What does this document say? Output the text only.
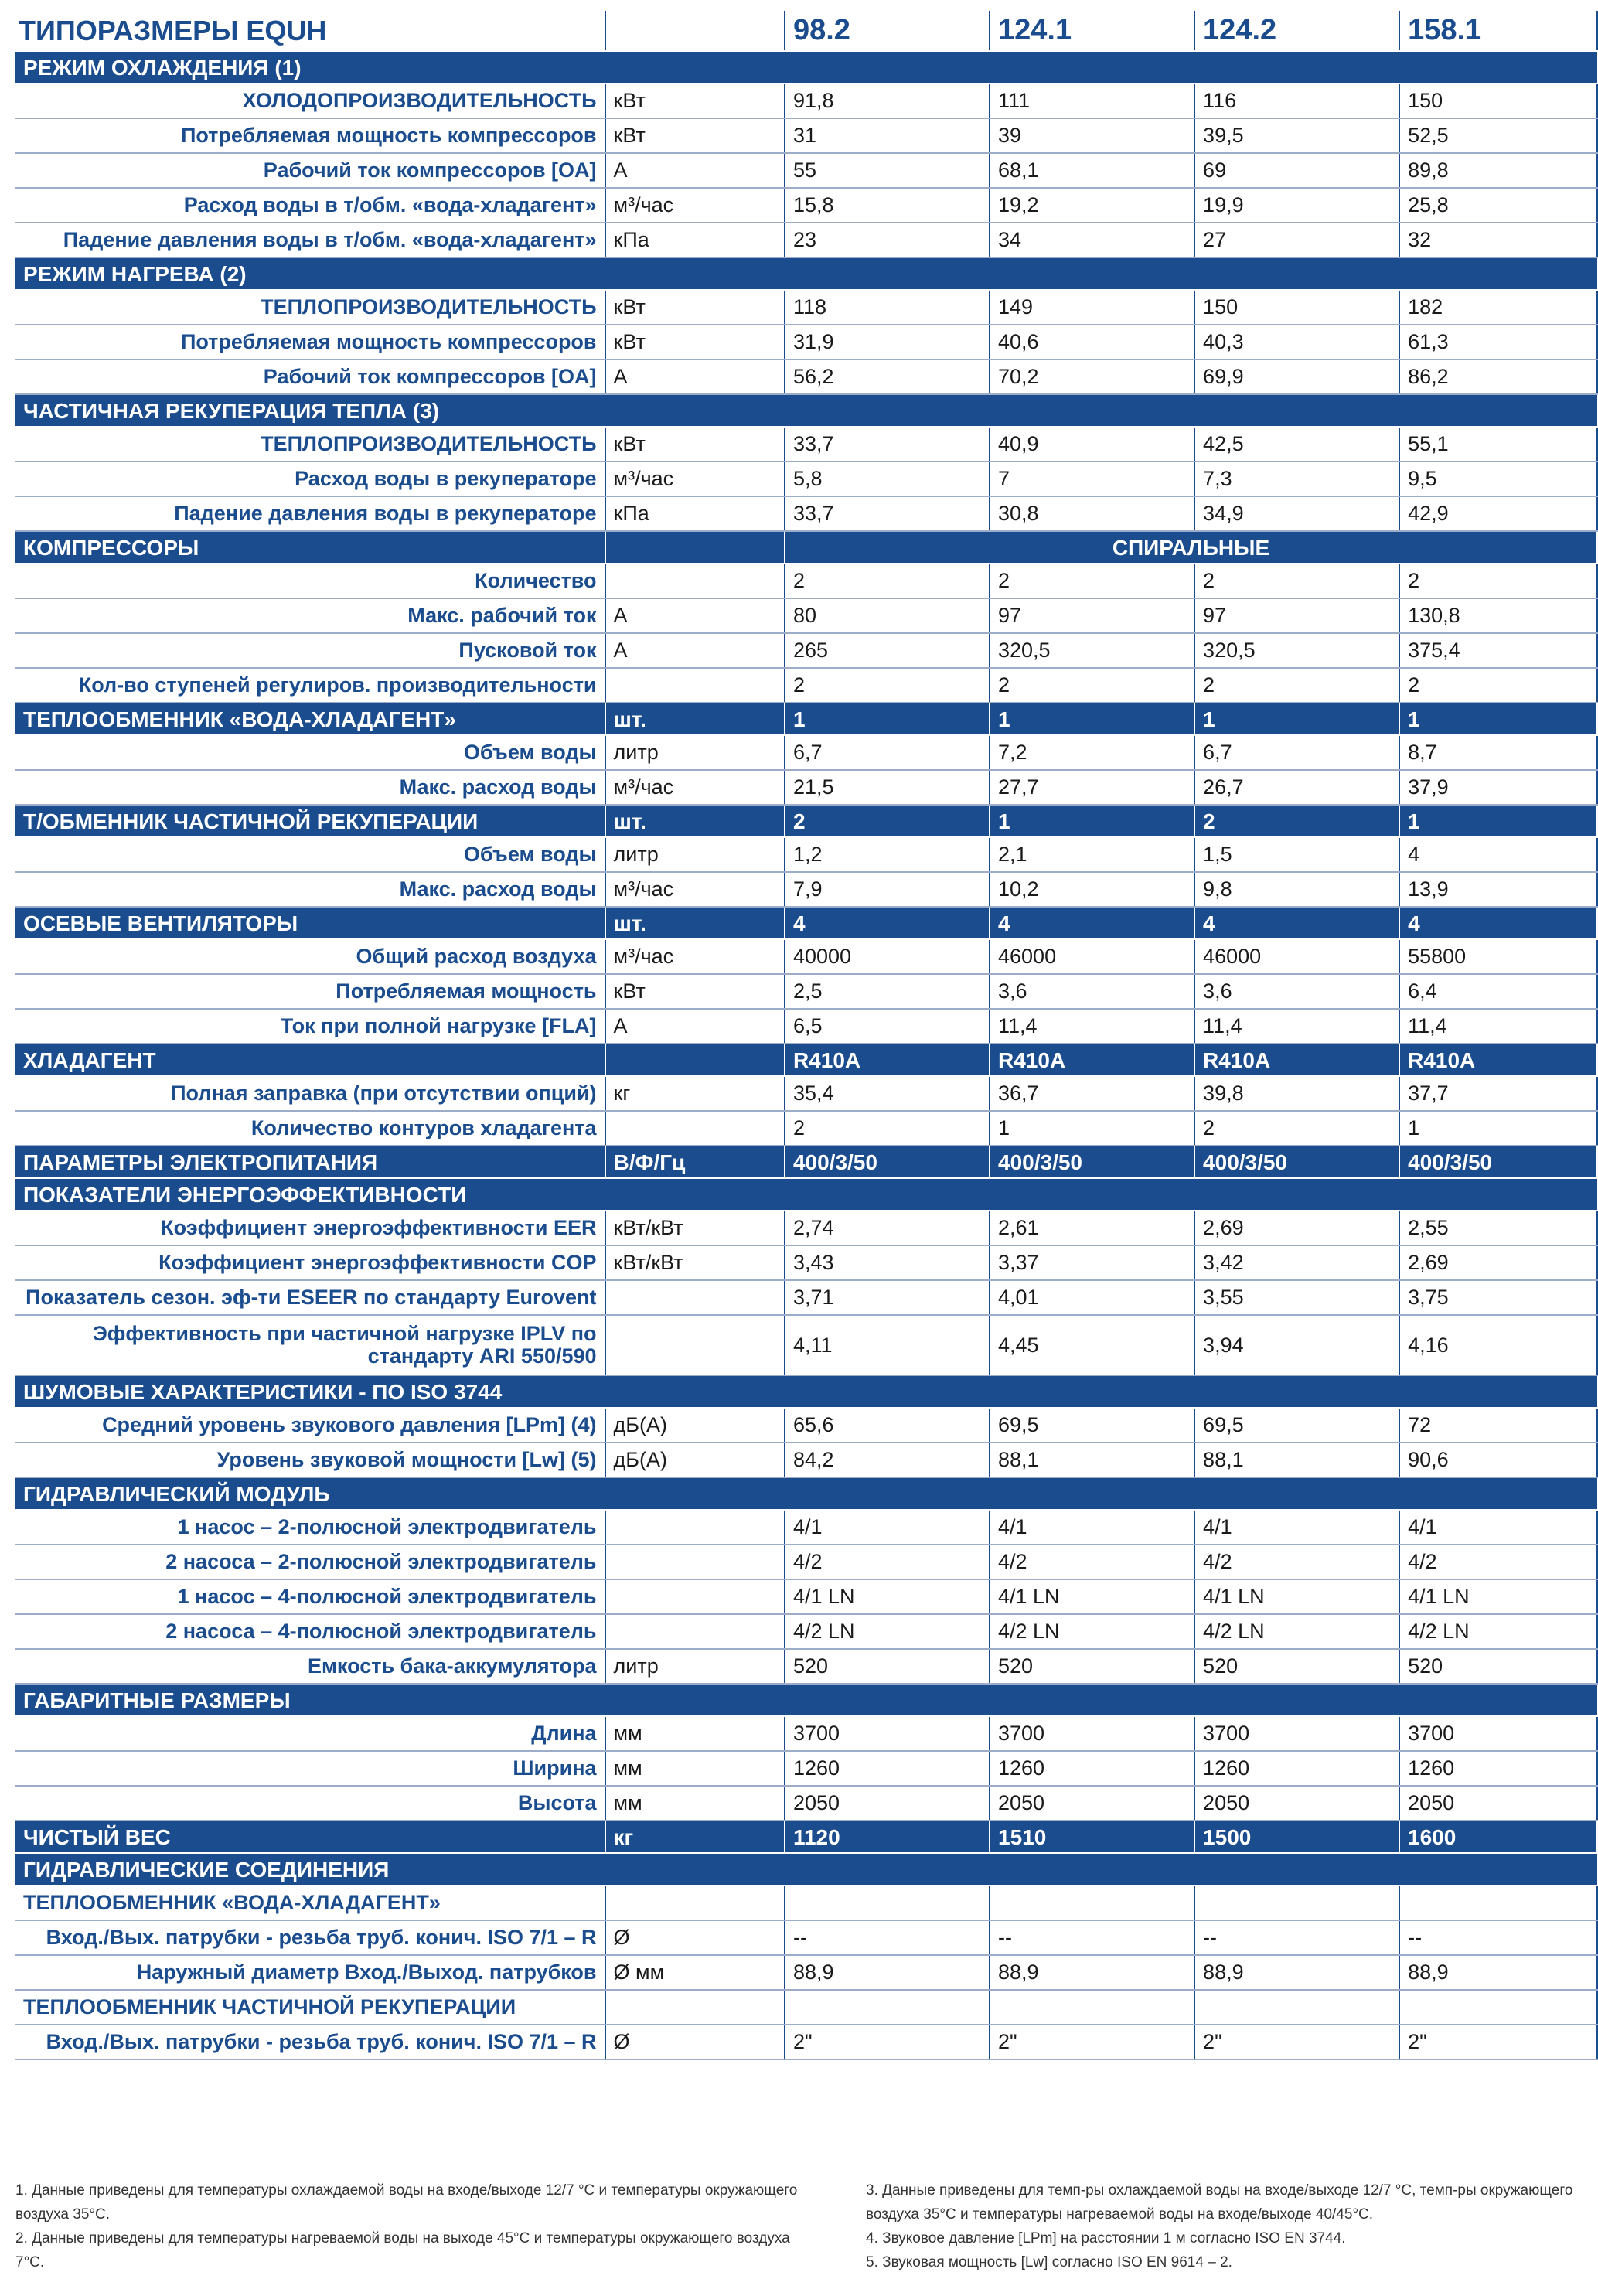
ТИПОРАЗМЕРЫ EQUH		98.2	124.1	124.2	158.1
РЕЖИМ ОХЛАЖДЕНИЯ (1)					
ХОЛОДОПРОИЗВОДИТЕЛЬНОСТЬ	кВт	91,8	111	116	150
Потребляемая мощность компрессоров	кВт	31	39	39,5	52,5
Рабочий ток компрессоров [OA]	А	55	68,1	69	89,8
Расход воды в т/обм. «вода-хладагент»	м³/час	15,8	19,2	19,9	25,8
Падение давления воды в т/обм. «вода-хладагент»	кПа	23	34	27	32
РЕЖИМ НАГРЕВА (2)					
ТЕПЛОПРОИЗВОДИТЕЛЬНОСТЬ	кВт	118	149	150	182
Потребляемая мощность компрессоров	кВт	31,9	40,6	40,3	61,3
Рабочий ток компрессоров [OA]	А	56,2	70,2	69,9	86,2
ЧАСТИЧНАЯ РЕКУПЕРАЦИЯ ТЕПЛА (3)					
ТЕПЛОПРОИЗВОДИТЕЛЬНОСТЬ	кВт	33,7	40,9	42,5	55,1
Расход воды в рекуператоре	м³/час	5,8	7	7,3	9,5
Падение давления воды в рекуператоре	кПа	33,7	30,8	34,9	42,9
КОМПРЕССОРЫ		СПИРАЛЬНЫЕ			
Количество		2	2	2	2
Макс. рабочий ток	А	80	97	97	130,8
Пусковой ток	А	265	320,5	320,5	375,4
Кол-во ступеней регулиров. производительности		2	2	2	2
ТЕПЛООБМЕННИК «ВОДА-ХЛАДАГЕНТ»	шт.	1	1	1	1
Объем воды	литр	6,7	7,2	6,7	8,7
Макс. расход воды	м³/час	21,5	27,7	26,7	37,9
Т/ОБМЕННИК ЧАСТИЧНОЙ РЕКУПЕРАЦИИ	шт.	2	1	2	1
Объем воды	литр	1,2	2,1	1,5	4
Макс. расход воды	м³/час	7,9	10,2	9,8	13,9
ОСЕВЫЕ ВЕНТИЛЯТОРЫ	шт.	4	4	4	4
Общий расход воздуха	м³/час	40000	46000	46000	55800
Потребляемая мощность	кВт	2,5	3,6	3,6	6,4
Ток при полной нагрузке [FLA]	А	6,5	11,4	11,4	11,4
ХЛАДАГЕНТ		R410A	R410A	R410A	R410A
Полная заправка (при отсутствии опций)	кг	35,4	36,7	39,8	37,7
Количество контуров хладагента		2	1	2	1
ПАРАМЕТРЫ ЭЛЕКТРОПИТАНИЯ	В/Ф/Гц	400/3/50	400/3/50	400/3/50	400/3/50
ПОКАЗАТЕЛИ ЭНЕРГОЭФФЕКТИВНОСТИ					
Коэффициент энергоэффективности EER	кВт/кВт	2,74	2,61	2,69	2,55
Коэффициент энергоэффективности COP	кВт/кВт	3,43	3,37	3,42	2,69
Показатель сезон. эф-ти ESEER по стандарту Eurovent		3,71	4,01	3,55	3,75
Эффективность при частичной нагрузке IPLV по стандарту ARI 550/590		4,11	4,45	3,94	4,16
ШУМОВЫЕ ХАРАКТЕРИСТИКИ - ПО ISO 3744					
Средний уровень звукового давления [LPm] (4)	дБ(А)	65,6	69,5	69,5	72
Уровень звуковой мощности [Lw] (5)	дБ(А)	84,2	88,1	88,1	90,6
ГИДРАВЛИЧЕСКИЙ МОДУЛЬ					
1 насос – 2-полюсной электродвигатель		4/1	4/1	4/1	4/1
2 насоса – 2-полюсной электродвигатель		4/2	4/2	4/2	4/2
1 насос – 4-полюсной электродвигатель		4/1 LN	4/1 LN	4/1 LN	4/1 LN
2 насоса – 4-полюсной электродвигатель		4/2 LN	4/2 LN	4/2 LN	4/2 LN
Емкость бака-аккумулятора	литр	520	520	520	520
ГАБАРИТНЫЕ РАЗМЕРЫ					
Длина	мм	3700	3700	3700	3700
Ширина	мм	1260	1260	1260	1260
Высота	мм	2050	2050	2050	2050
ЧИСТЫЙ ВЕС	кг	1120	1510	1500	1600
ГИДРАВЛИЧЕСКИЕ СОЕДИНЕНИЯ					
ТЕПЛООБМЕННИК «ВОДА-ХЛАДАГЕНТ»					
Вход./Вых. патрубки - резьба труб. конич. ISO 7/1 – R	Ø	--	--	--	--
Наружный диаметр Вход./Выход. патрубков	Ø мм	88,9	88,9	88,9	88,9
ТЕПЛООБМЕННИК ЧАСТИЧНОЙ РЕКУПЕРАЦИИ					
Вход./Вых. патрубки - резьба труб. конич. ISO 7/1 – R	Ø	2"	2"	2"	2"

1. Данные приведены для температуры охлаждаемой воды на входе/выходе 12/7 °С и температуры окружающего воздуха 35°С.

2. Данные приведены для температуры нагреваемой воды на выходе 45°С и температуры окружающего воздуха 7°С.

3. Данные приведены для темп-ры охлаждаемой воды на входе/выходе 12/7 °С, темп-ры окружающего воздуха 35°С и температуры нагреваемой воды на входе/выходе 40/45°С.

4. Звуковое давление [LPm] на расстоянии 1 м согласно ISO EN 3744.

5. Звуковая мощность [Lw] согласно ISO EN 9614 – 2.
